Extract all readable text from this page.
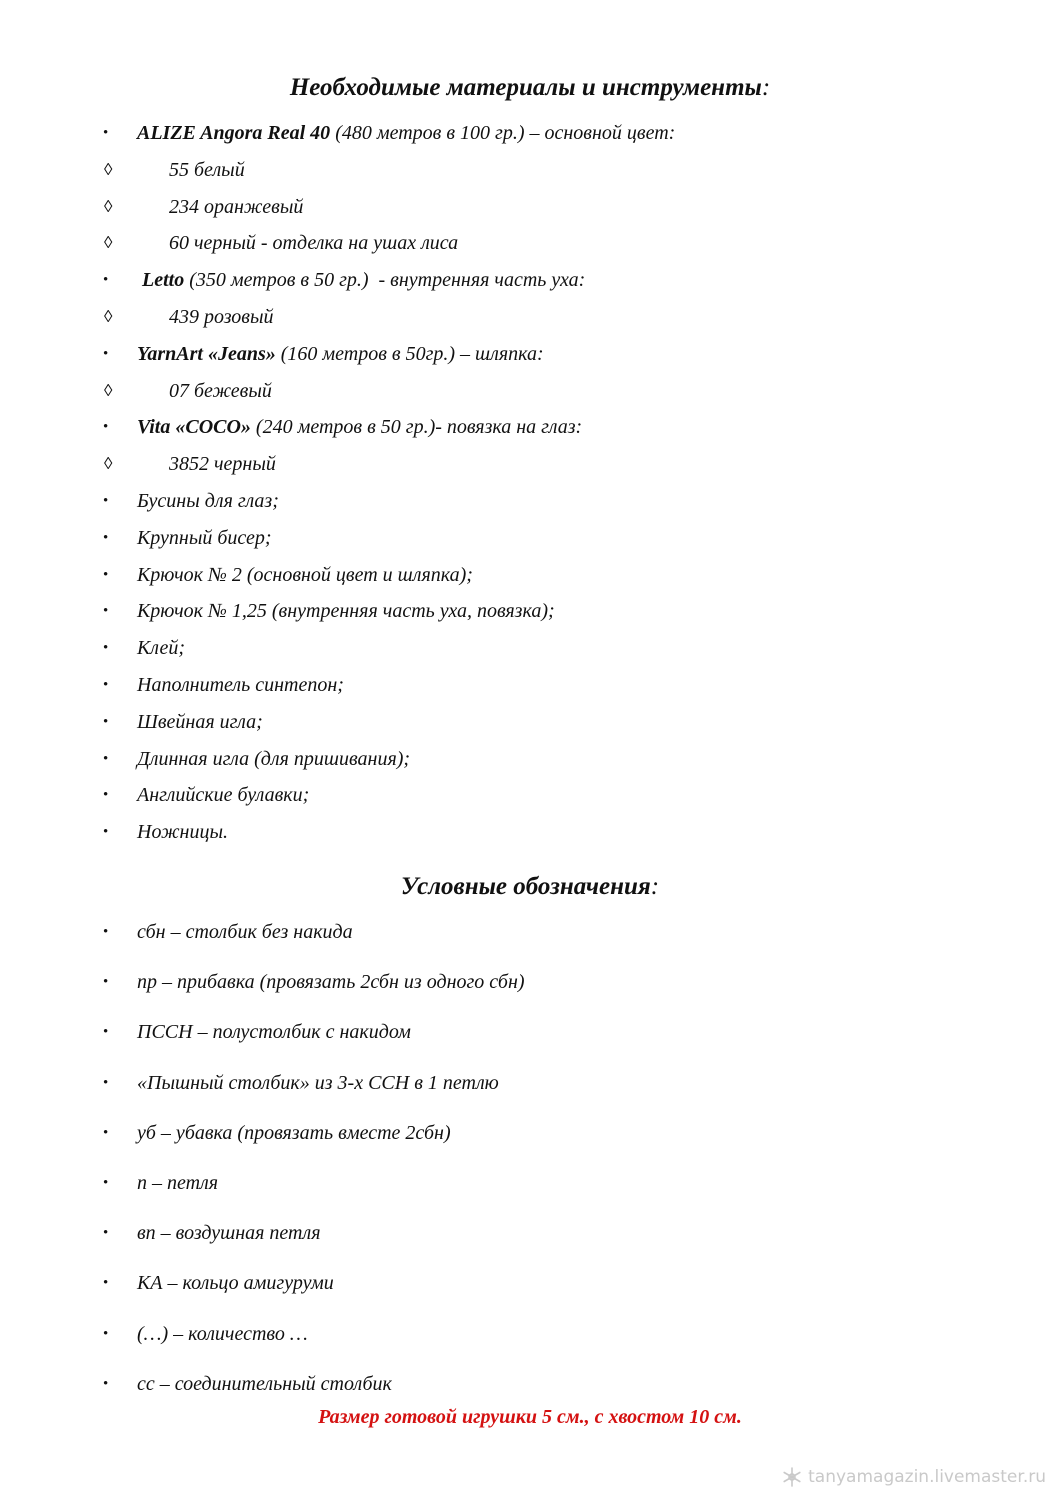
Необходимые материалы и инструменты:
• ALIZE Angora Real 40 (480 метров в 100 гр.) – основной цвет:
◊	55 белый
◊	234 оранжевый
◊	60 черный - отделка на ушах лиса
• Letto (350 метров в 50 гр.)  - внутренняя часть уха:
◊	439 розовый
• YarnArt «Jeans» (160 метров в 50гр.) – шляпка:
◊	07 бежевый
• Vita «COCO» (240 метров в 50 гр.)- повязка на глаз:
◊	3852 черный
• Бусины для глаз;
• Крупный бисер;
• Крючок № 2 (основной цвет и шляпка);
• Крючок № 1,25 (внутренняя часть уха, повязка);
• Клей;
• Наполнитель синтепон;
• Швейная игла;
• Длинная игла (для пришивания);
• Английские булавки;
• Ножницы.
Условные обозначения:
• сбн – столбик без накида
• пр – прибавка (провязать 2сбн из одного сбн)
• ПССН – полустолбик с накидом
• «Пышный столбик» из 3-х ССН в 1 петлю
• уб – убавка (провязать вместе 2сбн)
• п – петля
• вп – воздушная петля
• КА – кольцо амигуруми
• (…) – количество …
• сс – соединительный столбик
Размер готовой игрушки 5 см., с хвостом 10 см.
tanyamagazin.livemaster.ru
